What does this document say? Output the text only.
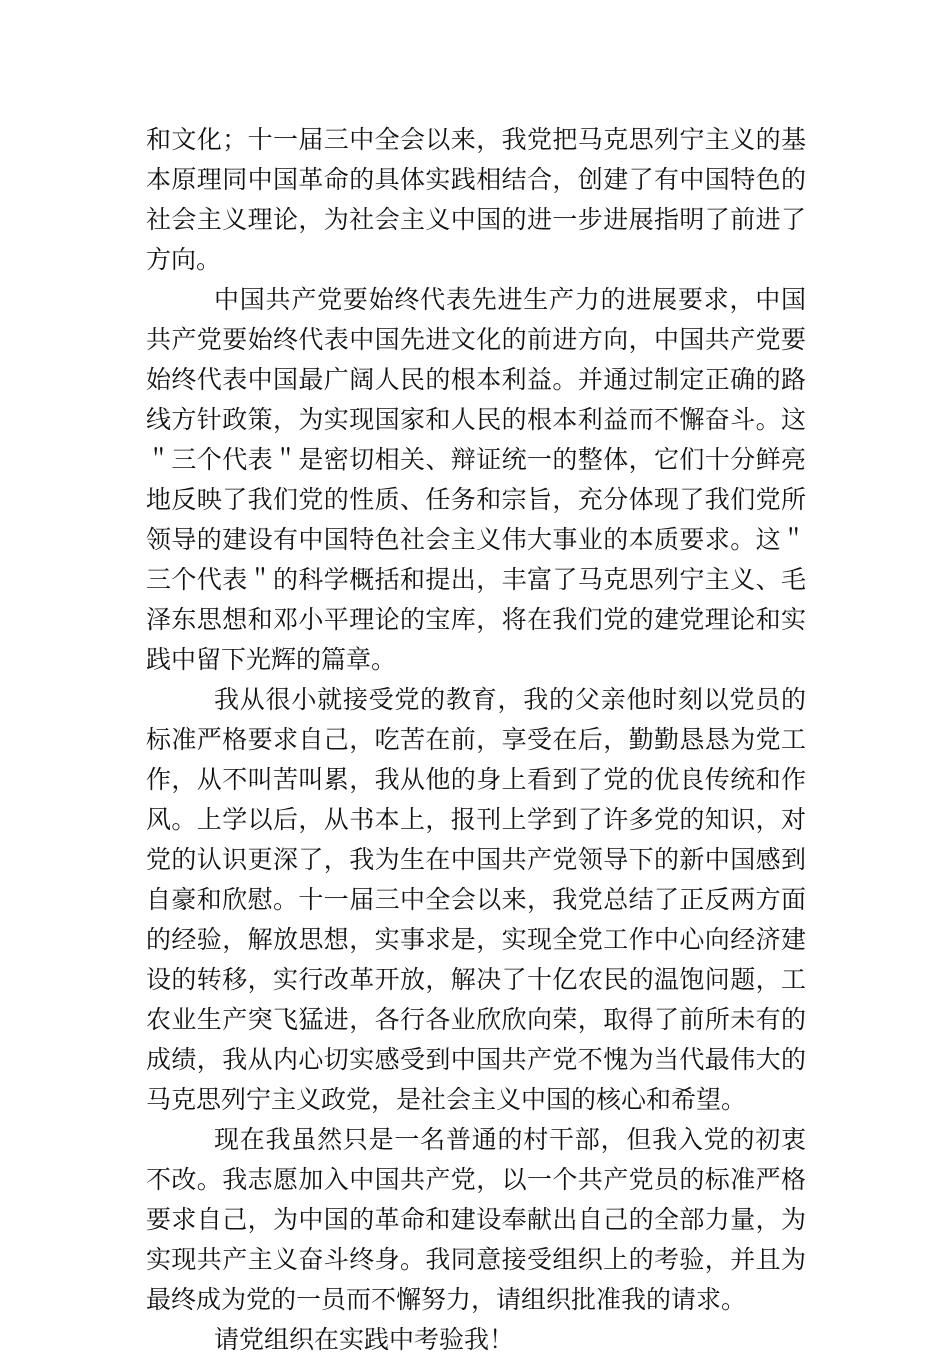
和文化；十一届三中全会以来，我党把马克思列宁主义的基本原理同中国革命的具体实践相结合，创建了有中国特色的社会主义理论，为社会主义中国的进一步进展指明了前进了方向。

中国共产党要始终代表先进生产力的进展要求，中国共产党要始终代表中国先进文化的前进方向，中国共产党要始终代表中国最广阔人民的根本利益。并通过制定正确的路线方针政策，为实现国家和人民的根本利益而不懈奋斗。这＂三个代表＂是密切相关、辩证统一的整体，它们十分鲜亮地反映了我们党的性质、任务和宗旨，充分体现了我们党所领导的建设有中国特色社会主义伟大事业的本质要求。这＂三个代表＂的科学概括和提出，丰富了马克思列宁主义、毛泽东思想和邓小平理论的宝库，将在我们党的建党理论和实践中留下光辉的篇章。

我从很小就接受党的教育，我的父亲他时刻以党员的标准严格要求自己，吃苦在前，享受在后，勤勤恳恳为党工作，从不叫苦叫累，我从他的身上看到了党的优良传统和作风。上学以后，从书本上，报刊上学到了许多党的知识，对党的认识更深了，我为生在中国共产党领导下的新中国感到自豪和欣慰。十一届三中全会以来，我党总结了正反两方面的经验，解放思想，实事求是，实现全党工作中心向经济建设的转移，实行改革开放，解决了十亿农民的温饱问题，工农业生产突飞猛进，各行各业欣欣向荣，取得了前所未有的成绩，我从内心切实感受到中国共产党不愧为当代最伟大的马克思列宁主义政党，是社会主义中国的核心和希望。

现在我虽然只是一名普通的村干部，但我入党的初衷不改。我志愿加入中国共产党，以一个共产党员的标准严格要求自己，为中国的革命和建设奉献出自己的全部力量，为实现共产主义奋斗终身。我同意接受组织上的考验，并且为最终成为党的一员而不懈努力，请组织批准我的请求。

请党组织在实践中考验我！
